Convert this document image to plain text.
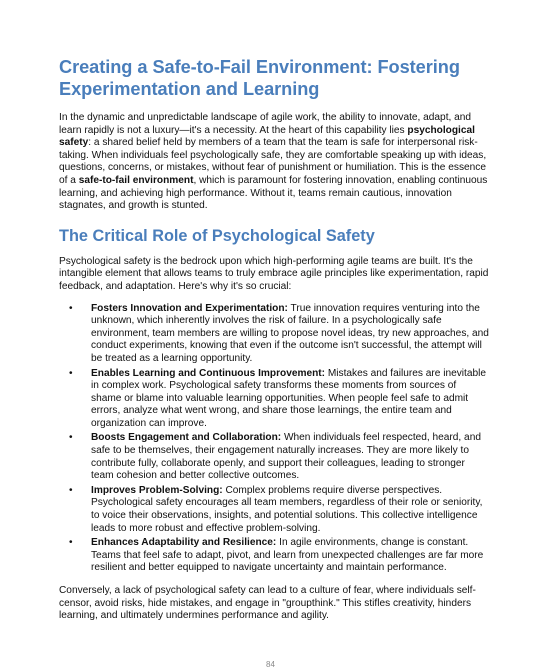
Creating a Safe-to-Fail Environment: Fostering Experimentation and Learning

In the dynamic and unpredictable landscape of agile work, the ability to innovate, adapt, and learn rapidly is not a luxury—it's a necessity. At the heart of this capability lies psychological safety: a shared belief held by members of a team that the team is safe for interpersonal risk-taking. When individuals feel psychologically safe, they are comfortable speaking up with ideas, questions, concerns, or mistakes, without fear of punishment or humiliation. This is the essence of a safe-to-fail environment, which is paramount for fostering innovation, enabling continuous learning, and achieving high performance. Without it, teams remain cautious, innovation stagnates, and growth is stunted.

The Critical Role of Psychological Safety

Psychological safety is the bedrock upon which high-performing agile teams are built. It's the intangible element that allows teams to truly embrace agile principles like experimentation, rapid feedback, and adaptation. Here's why it's so crucial:

• Fosters Innovation and Experimentation: True innovation requires venturing into the unknown, which inherently involves the risk of failure. In a psychologically safe environment, team members are willing to propose novel ideas, try new approaches, and conduct experiments, knowing that even if the outcome isn't successful, the attempt will be treated as a learning opportunity.
• Enables Learning and Continuous Improvement: Mistakes and failures are inevitable in complex work. Psychological safety transforms these moments from sources of shame or blame into valuable learning opportunities. When people feel safe to admit errors, analyze what went wrong, and share those learnings, the entire team and organization can improve.
• Boosts Engagement and Collaboration: When individuals feel respected, heard, and safe to be themselves, their engagement naturally increases. They are more likely to contribute fully, collaborate openly, and support their colleagues, leading to stronger team cohesion and better collective outcomes.
• Improves Problem-Solving: Complex problems require diverse perspectives. Psychological safety encourages all team members, regardless of their role or seniority, to voice their observations, insights, and potential solutions. This collective intelligence leads to more robust and effective problem-solving.
• Enhances Adaptability and Resilience: In agile environments, change is constant. Teams that feel safe to adapt, pivot, and learn from unexpected challenges are far more resilient and better equipped to navigate uncertainty and maintain performance.

Conversely, a lack of psychological safety can lead to a culture of fear, where individuals self-censor, avoid risks, hide mistakes, and engage in "groupthink." This stifles creativity, hinders learning, and ultimately undermines performance and agility.

84
